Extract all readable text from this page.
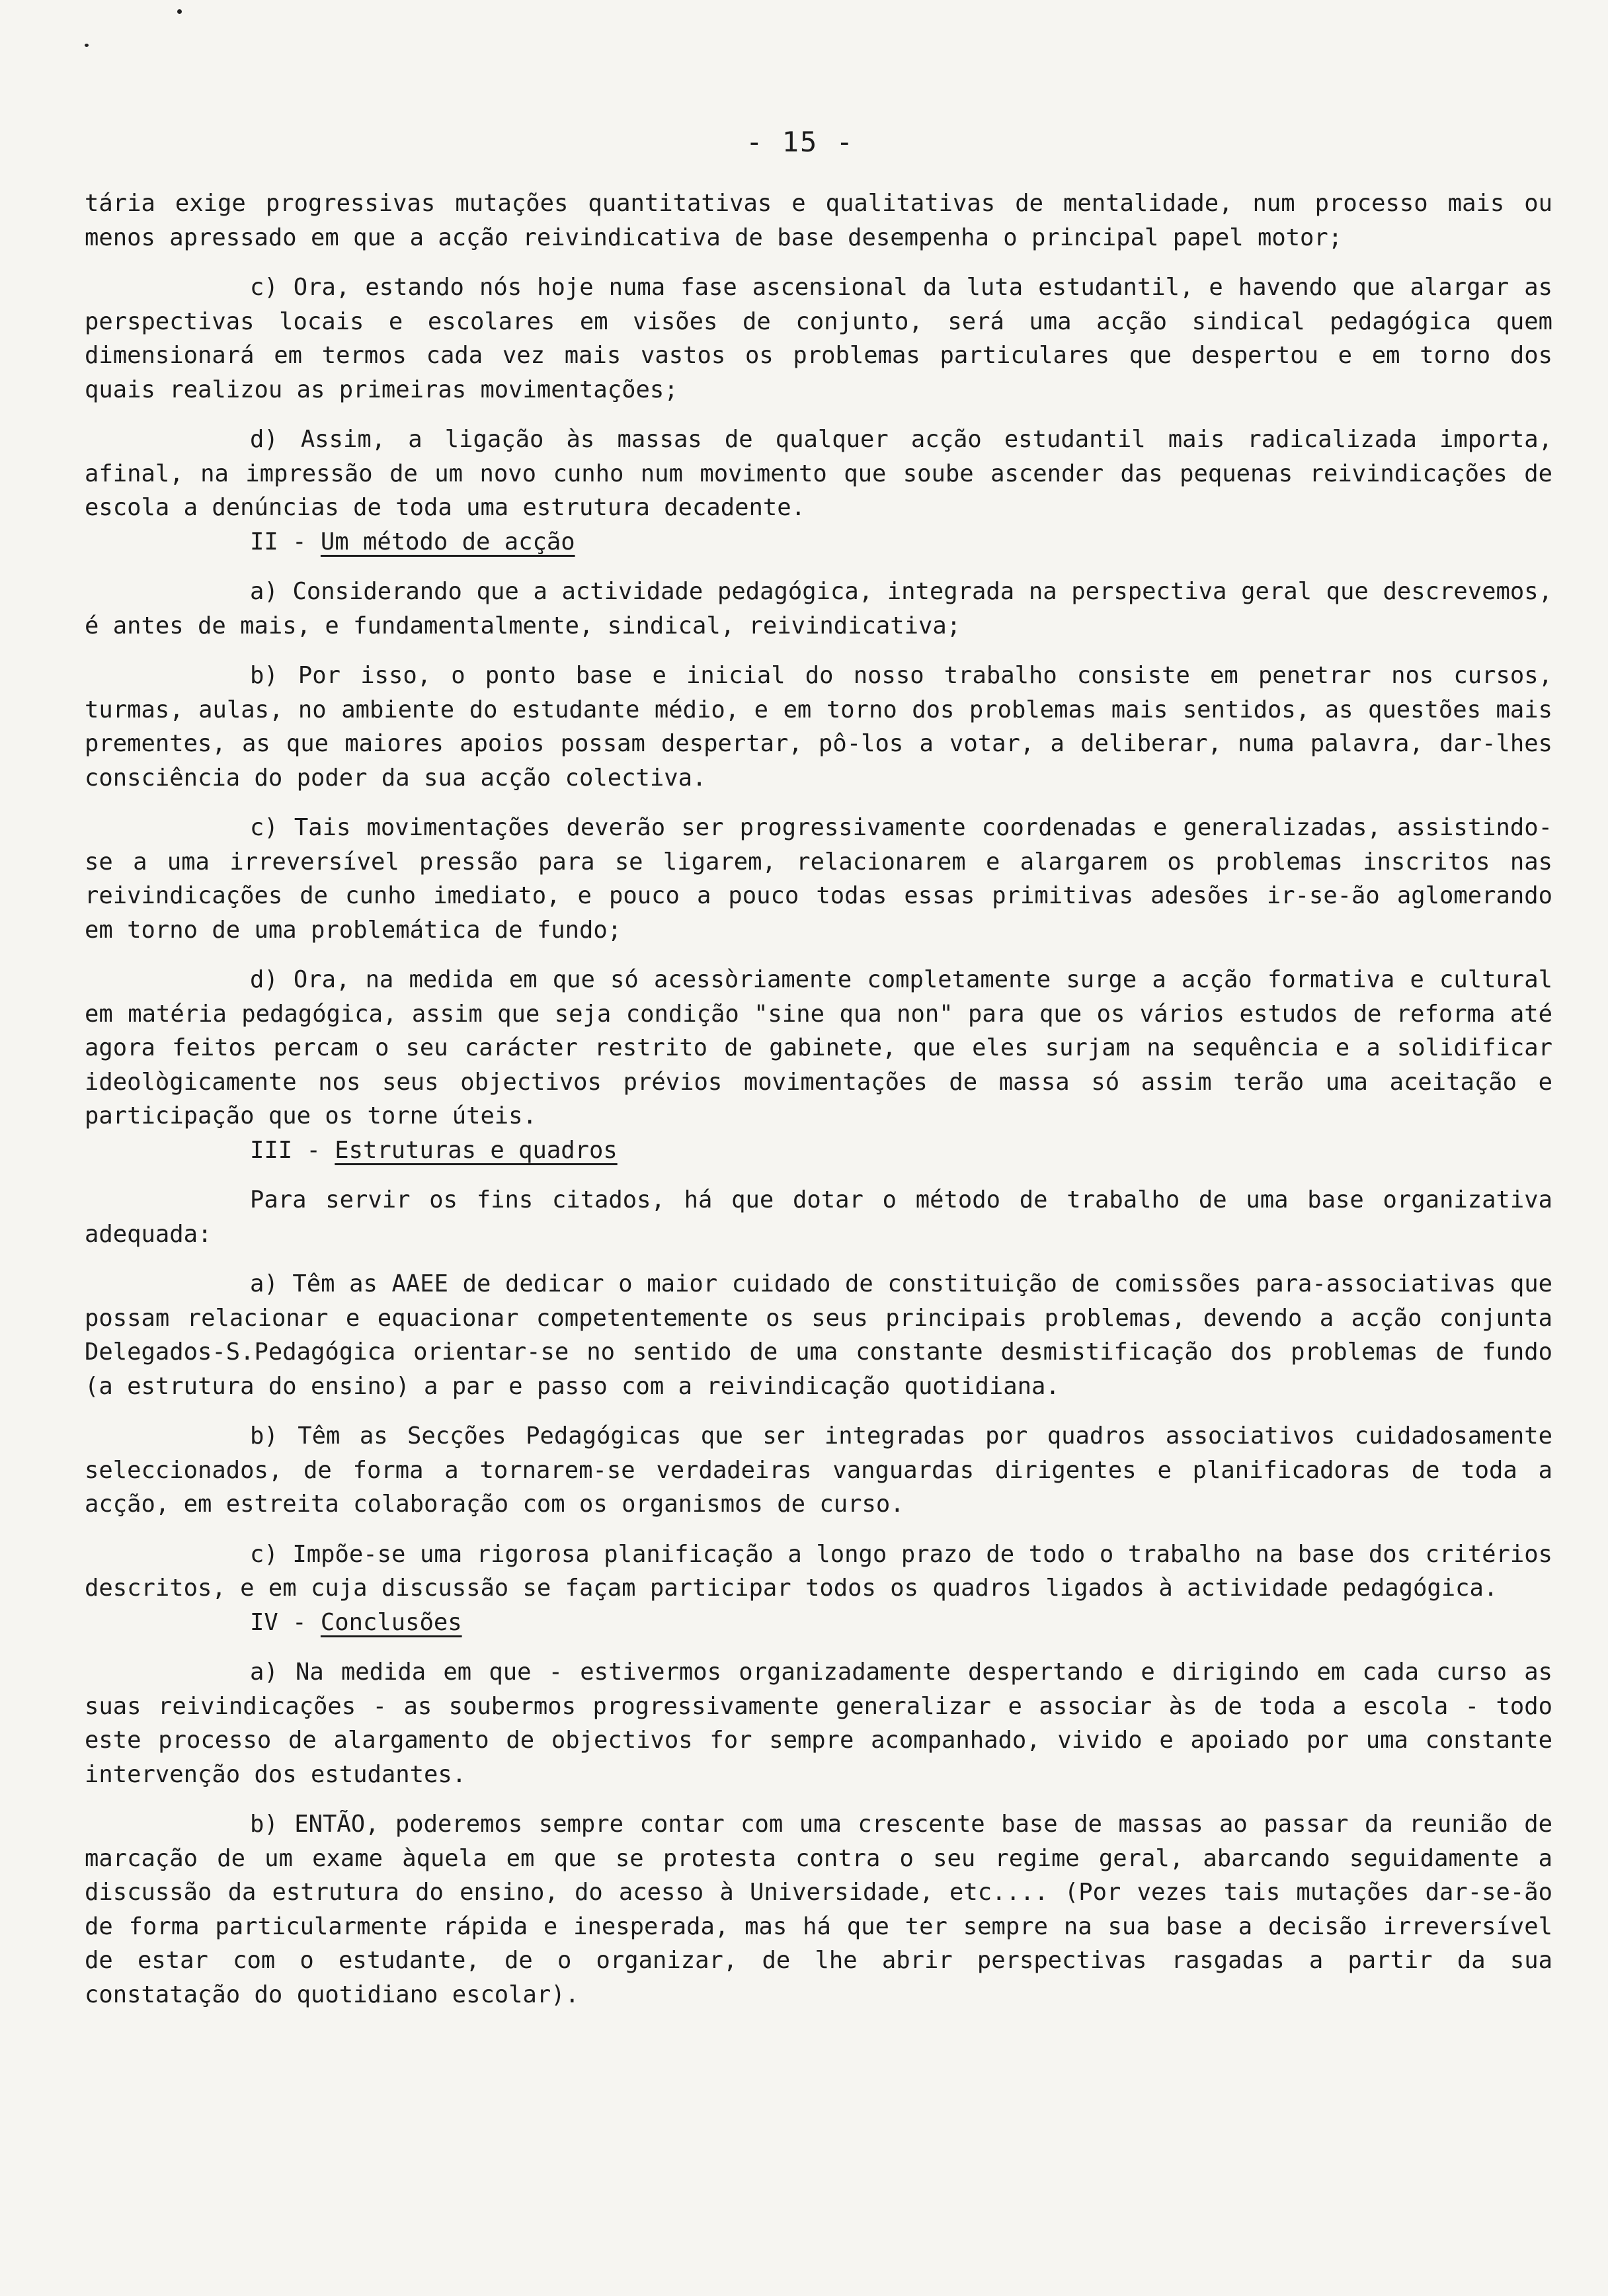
- 15 -

tária exige progressivas mutações quantitativas e qualitativas de mentalidade, num processo mais ou menos apressado em que a acção reivindicativa de base desempenha o principal papel motor;

c) Ora, estando nós hoje numa fase ascensional da luta estudantil, e havendo que alargar as perspectivas locais e escolares em visões de conjunto, será uma acção sindical pedagógica quem dimensionará em termos cada vez mais vastos os problemas particulares que despertou e em torno dos quais realizou as primeiras movimentações;

d) Assim, a ligação às massas de qualquer acção estudantil mais radicalizada importa, afinal, na impressão de um novo cunho num movimento que soube ascender das pequenas reivindicações de escola a denúncias de toda uma estrutura decadente.

II - Um método de acção

a) Considerando que a actividade pedagógica, integrada na perspectiva geral que descrevemos, é antes de mais, e fundamentalmente, sindical, reivindicativa;

b) Por isso, o ponto base e inicial do nosso trabalho consiste em penetrar nos cursos, turmas, aulas, no ambiente do estudante médio, e em torno dos problemas mais sentidos, as questões mais prementes, as que maiores apoios possam despertar, pô-los a votar, a deliberar, numa palavra, dar-lhes consciência do poder da sua acção colectiva.

c) Tais movimentações deverão ser progressivamente coordenadas e generalizadas, assistindo-se a uma irreversível pressão para se ligarem, relacionarem e alargarem os problemas inscritos nas reivindicações de cunho imediato, e pouco a pouco todas essas primitivas adesões ir-se-ão aglomerando em torno de uma problemática de fundo;

d) Ora, na medida em que só acessòriamente completamente surge a acção formativa e cultural em matéria pedagógica, assim que seja condição "sine qua non" para que os vários estudos de reforma até agora feitos percam o seu carácter restrito de gabinete, que eles surjam na sequência e a solidificar ideològicamente nos seus objectivos prévios movimentações de massa só assim terão uma aceitação e participação que os torne úteis.

III - Estruturas e quadros

Para servir os fins citados, há que dotar o método de trabalho de uma base organizativa adequada:

a) Têm as AAEE de dedicar o maior cuidado de constituição de comissões para-associativas que possam relacionar e equacionar competentemente os seus principais problemas, devendo a acção conjunta Delegados-S.Pedagógica orientar-se no sentido de uma constante desmistificação dos problemas de fundo (a estrutura do ensino) a par e passo com a reivindicação quotidiana.

b) Têm as Secções Pedagógicas que ser integradas por quadros associativos cuidadosamente seleccionados, de forma a tornarem-se verdadeiras vanguardas dirigentes e planificadoras de toda a acção, em estreita colaboração com os organismos de curso.

c) Impõe-se uma rigorosa planificação a longo prazo de todo o trabalho na base dos critérios descritos, e em cuja discussão se façam participar todos os quadros ligados à actividade pedagógica.

IV - Conclusões

a) Na medida em que - estivermos organizadamente despertando e dirigindo em cada curso as suas reivindicações - as soubermos progressivamente generalizar e associar às de toda a escola - todo este processo de alargamento de objectivos for sempre acompanhado, vivido e apoiado por uma constante intervenção dos estudantes.

b) ENTÃO, poderemos sempre contar com uma crescente base de massas ao passar da reunião de marcação de um exame àquela em que se protesta contra o seu regime geral, abarcando seguidamente a discussão da estrutura do ensino, do acesso à Universidade, etc.... (Por vezes tais mutações dar-se-ão de forma particularmente rápida e inesperada, mas há que ter sempre na sua base a decisão irreversível de estar com o estudante, de o organizar, de lhe abrir perspectivas rasgadas a partir da sua constatação do quotidiano escolar).
